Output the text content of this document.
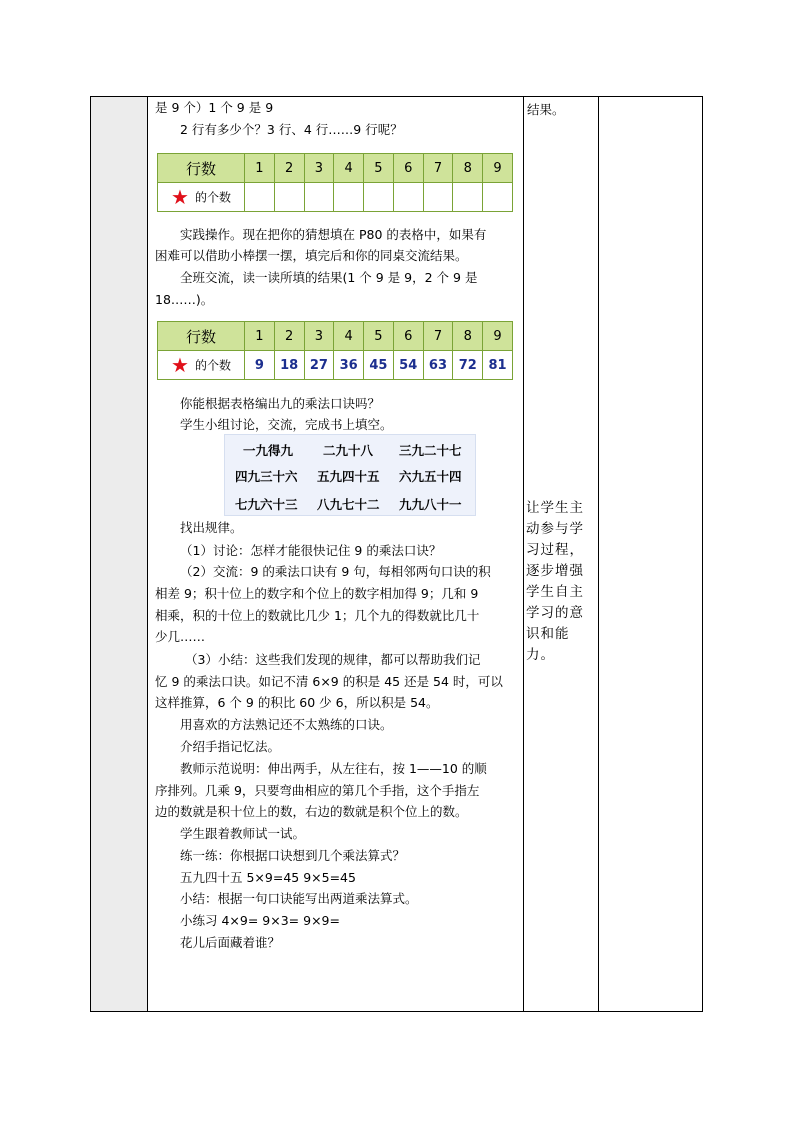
结果。
是 9 个）1 个 9 是 9
2 行有多少个？3 行、4 行……9 行呢？
行数	1	2	3	4	5	6	7	8	9
★ 的个数									
实践操作。现在把你的猜想填在 P80 的表格中，如果有
困难可以借助小棒摆一摆，填完后和你的同桌交流结果。
全班交流，读一读所填的结果(1 个 9 是 9，2 个 9 是
18……)。
行数	1	2	3	4	5	6	7	8	9
★ 的个数	9	18	27	36	45	54	63	72	81
你能根据表格编出九的乘法口诀吗？
学生小组讨论，交流，完成书上填空。
一九得九 二九十八 三九二十七
四九三十六 五九四十五 六九五十四
七九六十三 八九七十二 九九八十一
找出规律。
（1）讨论：怎样才能很快记住 9 的乘法口诀？
（2）交流：9 的乘法口诀有 9 句，每相邻两句口诀的积
相差 9；积十位上的数字和个位上的数字相加得 9；几和 9
相乘，积的十位上的数就比几少 1；几个九的得数就比几十
少几……
（3）小结：这些我们发现的规律，都可以帮助我们记
忆 9 的乘法口诀。如记不清 6×9 的积是 45 还是 54 时，可以
这样推算，6 个 9 的积比 60 少 6，所以积是 54。
用喜欢的方法熟记还不太熟练的口诀。
介绍手指记忆法。
教师示范说明：伸出两手，从左往右，按 1——10 的顺
序排列。几乘 9，只要弯曲相应的第几个手指，这个手指左
边的数就是积十位上的数，右边的数就是积个位上的数。
学生跟着教师试一试。
练一练：你根据口诀想到几个乘法算式？
五九四十五 5×9=45 9×5=45
小结：根据一句口诀能写出两道乘法算式。
小练习 4×9= 9×3= 9×9=
花儿后面藏着谁？
让学生主动参与学习过程，逐步增强学生自主学习的意识和能力。
